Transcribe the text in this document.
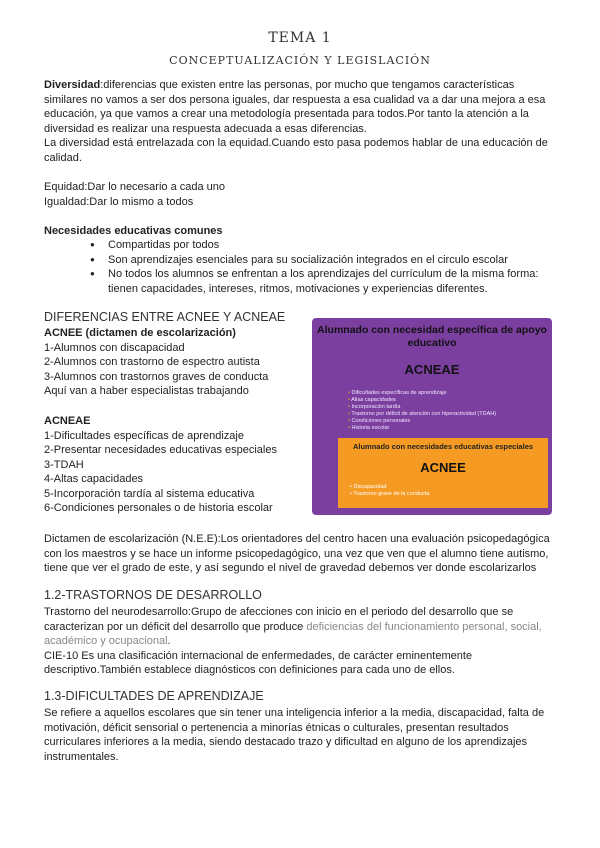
TEMA 1
CONCEPTUALIZACIÓN Y LEGISLACIÓN

Diversidad:diferencias que existen entre las personas, por mucho que tengamos características similares no vamos a ser dos persona iguales, dar respuesta a esa cualidad va a dar una mejora a esa educación, ya que vamos a crear una metodología presentada para todos.Por tanto la atención a la diversidad es realizar una respuesta adecuada a esas diferencias.

La diversidad está entrelazada con la equidad.Cuando esto pasa podemos hablar de una educación de calidad.

Equidad:Dar lo necesario a cada uno

Igualdad:Dar lo mismo a todos

Necesidades educativas comunes
● Compartidas por todos
● Son aprendizajes esenciales para su socialización integrados en el circulo escolar
● No todos los alumnos se enfrentan a los aprendizajes del currículum de la misma forma: tienen capacidades, intereses, ritmos, motivaciones y experiencias diferentes.
DIFERENCIAS ENTRE ACNEE Y ACNEAE

ACNEE (dictamen de escolarización)

1-Alumnos con discapacidad

2-Alumnos con trastorno de espectro autista

3-Alumnos con trastornos graves de conducta

Aquí van a haber especialistas trabajando

ACNEAE

1-Dificultades específicas de aprendizaje

2-Presentar necesidades educativas especiales

3-TDAH

4-Altas capacidades

5-Incorporación tardía al sistema educativa

6-Condiciones personales o de historia escolar

Alumnado con necesidad específica de apoyo educativo
ACNEAE
• Dificultades específicas de aprendizaje
• Altas capacidades
• Incorporación tardía
• Trastorno por déficit de atención con hiperactividad (TDAH)
• Condiciones personales
• Historia escolar
Alumnado con necesidades educativas especiales
ACNEE
• Discapacidad
• Trastorno grave de la conducta
Dictamen de escolarización (N.E.E):Los orientadores del centro hacen una evaluación psicopedagógica con los maestros y se hace un informe psicopedagógico, una vez que ven que el alumno tiene autismo, tiene que ver el grado de este, y así segundo el nivel de gravedad debemos ver donde escolarizarlos
1.2-TRASTORNOS DE DESARROLLO

Trastorno del neurodesarrollo:Grupo de afecciones con inicio en el periodo del desarrollo que se caracterizan por un déficit del desarrollo que produce deficiencias del funcionamiento personal, social, académico y ocupacional.

CIE-10 Es una clasificación internacional de enfermedades, de carácter eminentemente descriptivo.También establece diagnósticos con definiciones para cada uno de ellos.

1.3-DIFICULTADES DE APRENDIZAJE
Se refiere a aquellos escolares que sin tener una inteligencia inferior a la media, discapacidad, falta de motivación, déficit sensorial o pertenencia a minorías étnicas o culturales, presentan resultados curriculares inferiores a la media, siendo destacado trazo y dificultad en alguno de los aprendizajes instrumentales.
